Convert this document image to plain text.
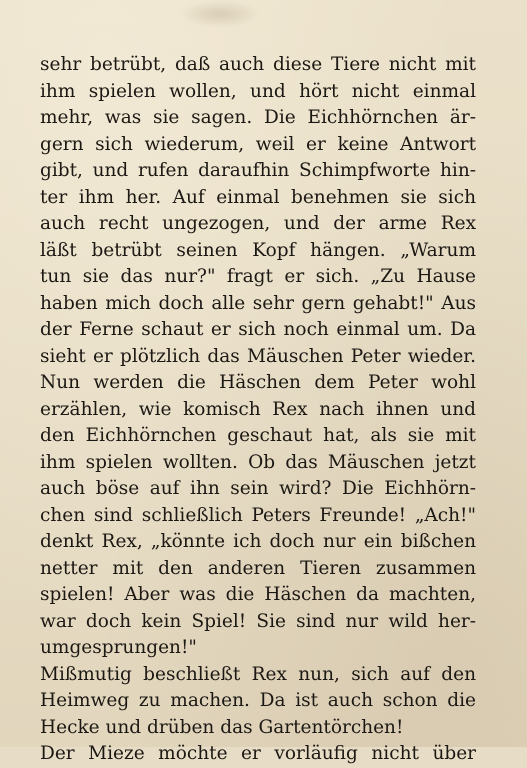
sehr betrübt, daß auch diese Tiere nicht mit
ihm spielen wollen, und hört nicht einmal
mehr, was sie sagen. Die Eichhörnchen är-
gern sich wiederum, weil er keine Antwort
gibt, und rufen daraufhin Schimpfworte hin-
ter ihm her. Auf einmal benehmen sie sich
auch recht ungezogen, und der arme Rex
läßt betrübt seinen Kopf hängen. „Warum
tun sie das nur?" fragt er sich. „Zu Hause
haben mich doch alle sehr gern gehabt!" Aus
der Ferne schaut er sich noch einmal um. Da
sieht er plötzlich das Mäuschen Peter wieder.
Nun werden die Häschen dem Peter wohl
erzählen, wie komisch Rex nach ihnen und
den Eichhörnchen geschaut hat, als sie mit
ihm spielen wollten. Ob das Mäuschen jetzt
auch böse auf ihn sein wird? Die Eichhörn-
chen sind schließlich Peters Freunde! „Ach!"
denkt Rex, „könnte ich doch nur ein bißchen
netter mit den anderen Tieren zusammen
spielen! Aber was die Häschen da machten,
war doch kein Spiel! Sie sind nur wild her-
umgesprungen!"
Mißmutig beschließt Rex nun, sich auf den
Heimweg zu machen. Da ist auch schon die
Hecke und drüben das Gartentörchen!
Der Mieze möchte er vorläufig nicht über
